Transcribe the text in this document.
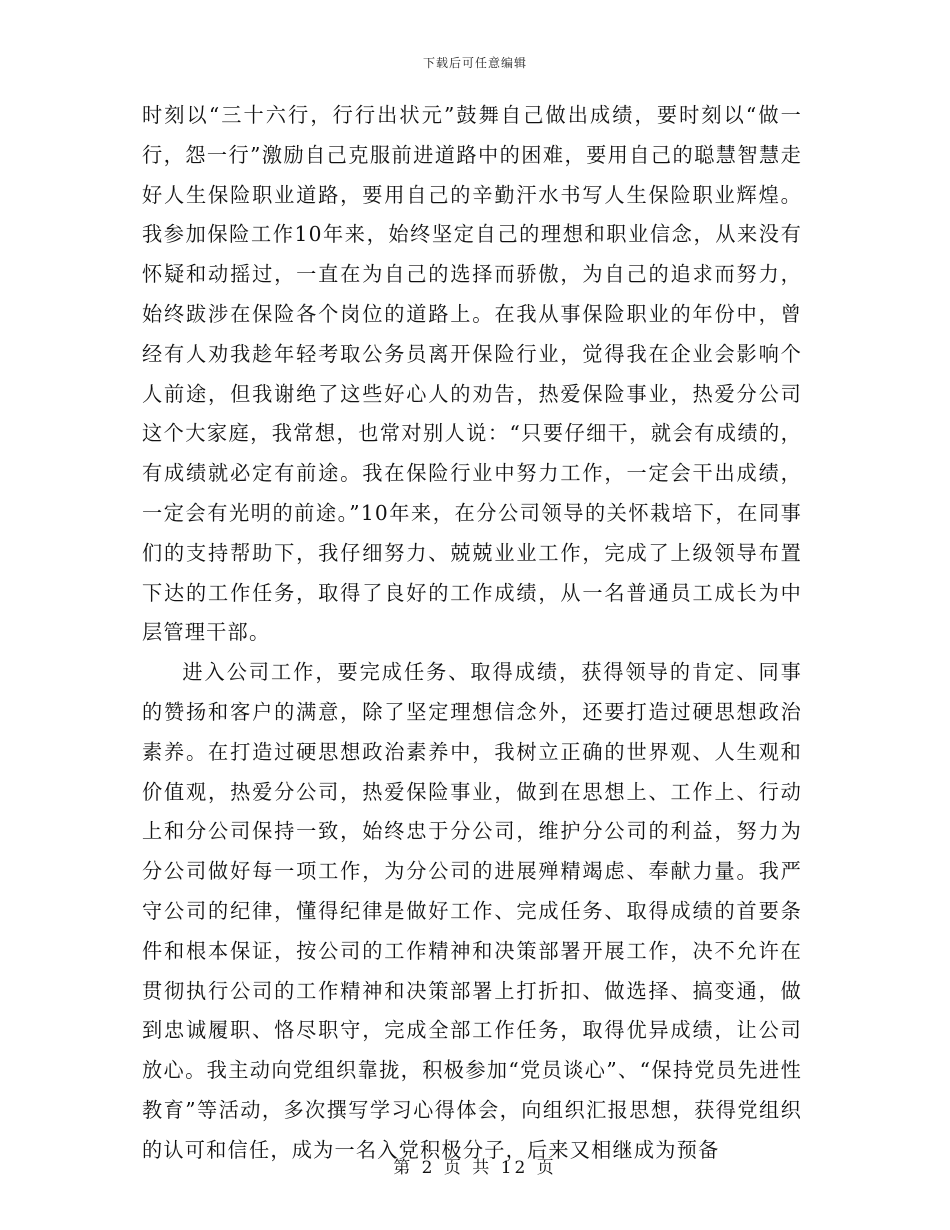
下载后可任意编辑

时刻以“三十六行，行行出状元”鼓舞自己做出成绩，要时刻以“做一行，怨一行”激励自己克服前进道路中的困难，要用自己的聪慧智慧走好人生保险职业道路，要用自己的辛勤汗水书写人生保险职业辉煌。我参加保险工作10年来，始终坚定自己的理想和职业信念，从来没有怀疑和动摇过，一直在为自己的选择而骄傲，为自己的追求而努力，始终跋涉在保险各个岗位的道路上。在我从事保险职业的年份中，曾经有人劝我趁年轻考取公务员离开保险行业，觉得我在企业会影响个人前途，但我谢绝了这些好心人的劝告，热爱保险事业，热爱分公司这个大家庭，我常想，也常对别人说：“只要仔细干，就会有成绩的，有成绩就必定有前途。我在保险行业中努力工作，一定会干出成绩，一定会有光明的前途。”10年来，在分公司领导的关怀栽培下，在同事们的支持帮助下，我仔细努力、兢兢业业工作，完成了上级领导布置下达的工作任务，取得了良好的工作成绩，从一名普通员工成长为中层管理干部。

进入公司工作，要完成任务、取得成绩，获得领导的肯定、同事的赞扬和客户的满意，除了坚定理想信念外，还要打造过硬思想政治素养。在打造过硬思想政治素养中，我树立正确的世界观、人生观和价值观，热爱分公司，热爱保险事业，做到在思想上、工作上、行动上和分公司保持一致，始终忠于分公司，维护分公司的利益，努力为分公司做好每一项工作，为分公司的进展殚精竭虑、奉献力量。我严守公司的纪律，懂得纪律是做好工作、完成任务、取得成绩的首要条件和根本保证，按公司的工作精神和决策部署开展工作，决不允许在贯彻执行公司的工作精神和决策部署上打折扣、做选择、搞变通，做到忠诚履职、恪尽职守，完成全部工作任务，取得优异成绩，让公司放心。我主动向党组织靠拢，积极参加“党员谈心”、“保持党员先进性教育”等活动，多次撰写学习心得体会，向组织汇报思想，获得党组织的认可和信任，成为一名入党积极分子，后来又相继成为预备

第 2 页 共 12 页
